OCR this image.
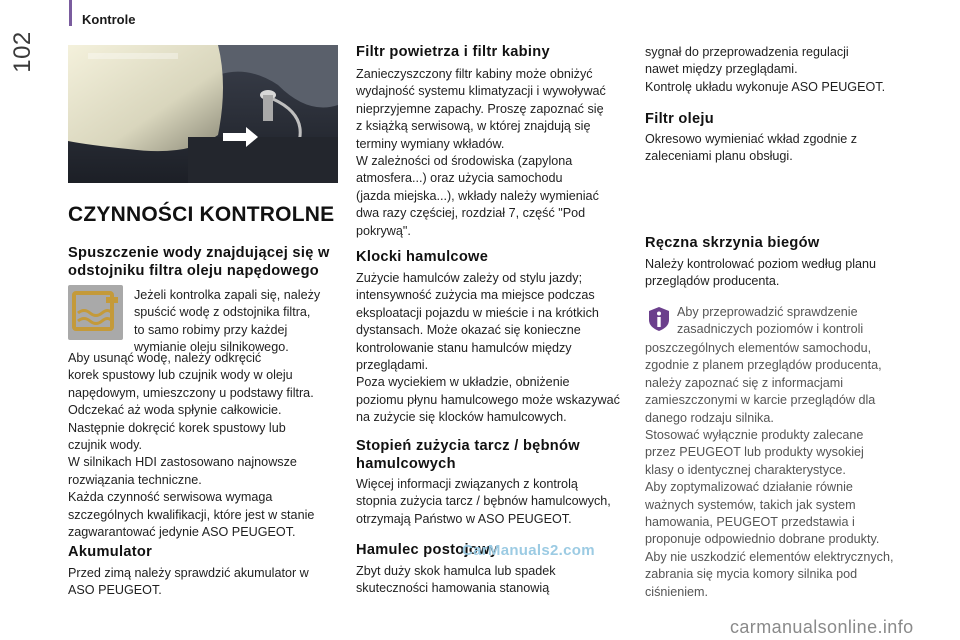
102
Kontrole
CZYNNOŚCI KONTROLNE
Spuszczenie wody znajdującej się w
odstojniku filtra oleju napędowego
Jeżeli kontrolka zapali się, należy
spuścić wodę z odstojnika filtra,
to samo robimy przy każdej
wymianie oleju silnikowego.
Aby usunąć wodę, należy odkręcić
korek spustowy lub czujnik wody w oleju
napędowym, umieszczony u podstawy filtra.
Odczekać aż woda spłynie całkowicie.
Następnie dokręcić korek spustowy lub
czujnik wody.
W silnikach HDI zastosowano najnowsze
rozwiązania techniczne.
Każda czynność serwisowa wymaga
szczególnych kwalifikacji, które jest w stanie
zagwarantować jedynie ASO PEUGEOT.
Akumulator
Przed zimą należy sprawdzić akumulator w
ASO PEUGEOT.
Filtr powietrza i filtr kabiny
Zanieczyszczony filtr kabiny może obniżyć
wydajność systemu klimatyzacji i wywoływać
nieprzyjemne zapachy. Proszę zapoznać się
z książką serwisową, w której znajdują się
terminy wymiany wkładów.
W zależności od środowiska (zapylona
atmosfera...) oraz użycia samochodu
(jazda miejska...), wkłady należy wymieniać
dwa razy częściej, rozdział 7, część "Pod
pokrywą".
Klocki hamulcowe
Zużycie hamulców zależy od stylu jazdy;
intensywność zużycia ma miejsce podczas
eksploatacji pojazdu w mieście i na krótkich
dystansach. Może okazać się konieczne
kontrolowanie stanu hamulców między
przeglądami.
Poza wyciekiem w układzie, obniżenie
poziomu płynu hamulcowego może wskazywać
na zużycie się klocków hamulcowych.
Stopień zużycia tarcz / bębnów
hamulcowych
Więcej informacji związanych z kontrolą
stopnia zużycia tarcz / bębnów hamulcowych,
otrzymają Państwo w ASO PEUGEOT.
Hamulec postojowy
Zbyt duży skok hamulca lub spadek
skuteczności hamowania stanowią
sygnał do przeprowadzenia regulacji
nawet między przeglądami.
Kontrolę układu wykonuje ASO PEUGEOT.
Filtr oleju
Okresowo wymieniać wkład zgodnie z
zaleceniami planu obsługi.
Ręczna skrzynia biegów
Należy kontrolować poziom według planu
przeglądów producenta.
Aby przeprowadzić sprawdzenie
zasadniczych poziomów i kontroli
poszczególnych elementów samochodu,
zgodnie z planem przeglądów producenta,
należy zapoznać się z informacjami
zamieszczonymi w karcie przeglądów dla
danego rodzaju silnika.
Stosować wyłącznie produkty zalecane
przez PEUGEOT lub produkty wysokiej
klasy o identycznej charakterystyce.
Aby zoptymalizować działanie równie
ważnych systemów, takich jak system
hamowania, PEUGEOT przedstawia i
proponuje odpowiednio dobrane produkty.
Aby nie uszkodzić elementów elektrycznych,
zabrania się mycia komory silnika pod
ciśnieniem.
CarManuals2.com
carmanualsonline.info
